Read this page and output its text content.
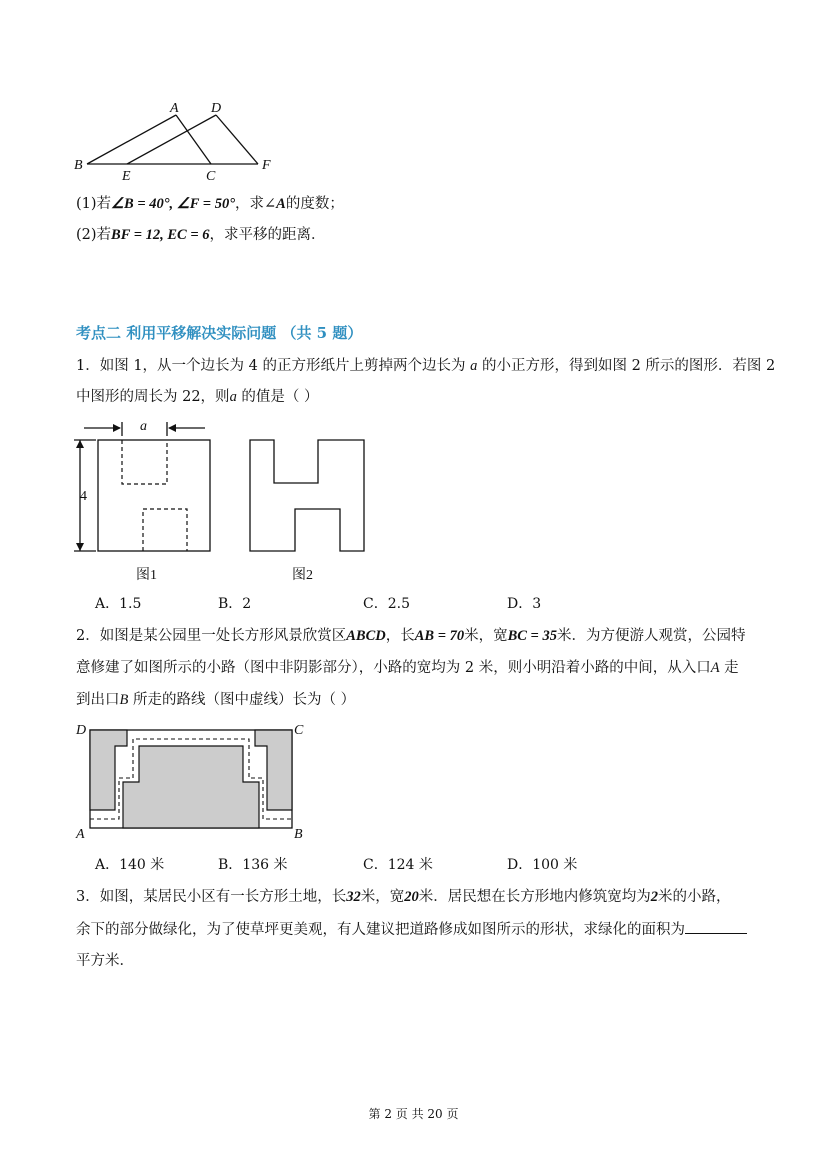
A D
B
E	C
F
(1)若∠B = 40°, ∠F = 50°，求∠A的度数；
(2)若BF = 12, EC = 6，求平移的距离．
考点二 利用平移解决实际问题 （共 5 题）
1．如图 1，从一个边长为 4 的正方形纸片上剪掉两个边长为 a 的小正方形，得到如图 2 所示的图形．若图 2
中图形的周长为 22，则a 的值是（ ）
a
4
图1	图2
A．1.5	B．2	C．2.5	D．3
2．如图是某公园里一处长方形风景欣赏区ABCD，长AB = 70米，宽BC = 35米．为方便游人观赏，公园特
意修建了如图所示的小路（图中非阴影部分），小路的宽均为 2 米，则小明沿着小路的中间，从入口A 走
到出口B 所走的路线（图中虚线）长为（ ）
D	C
A	B
A．140 米	B．136 米	C．124 米	D．100 米
3．如图，某居民小区有一长方形土地，长32米，宽20米．居民想在长方形地内修筑宽均为2米的小路，
余下的部分做绿化，为了使草坪更美观，有人建议把道路修成如图所示的形状，求绿化的面积为
平方米．
第 2 页 共 20 页
